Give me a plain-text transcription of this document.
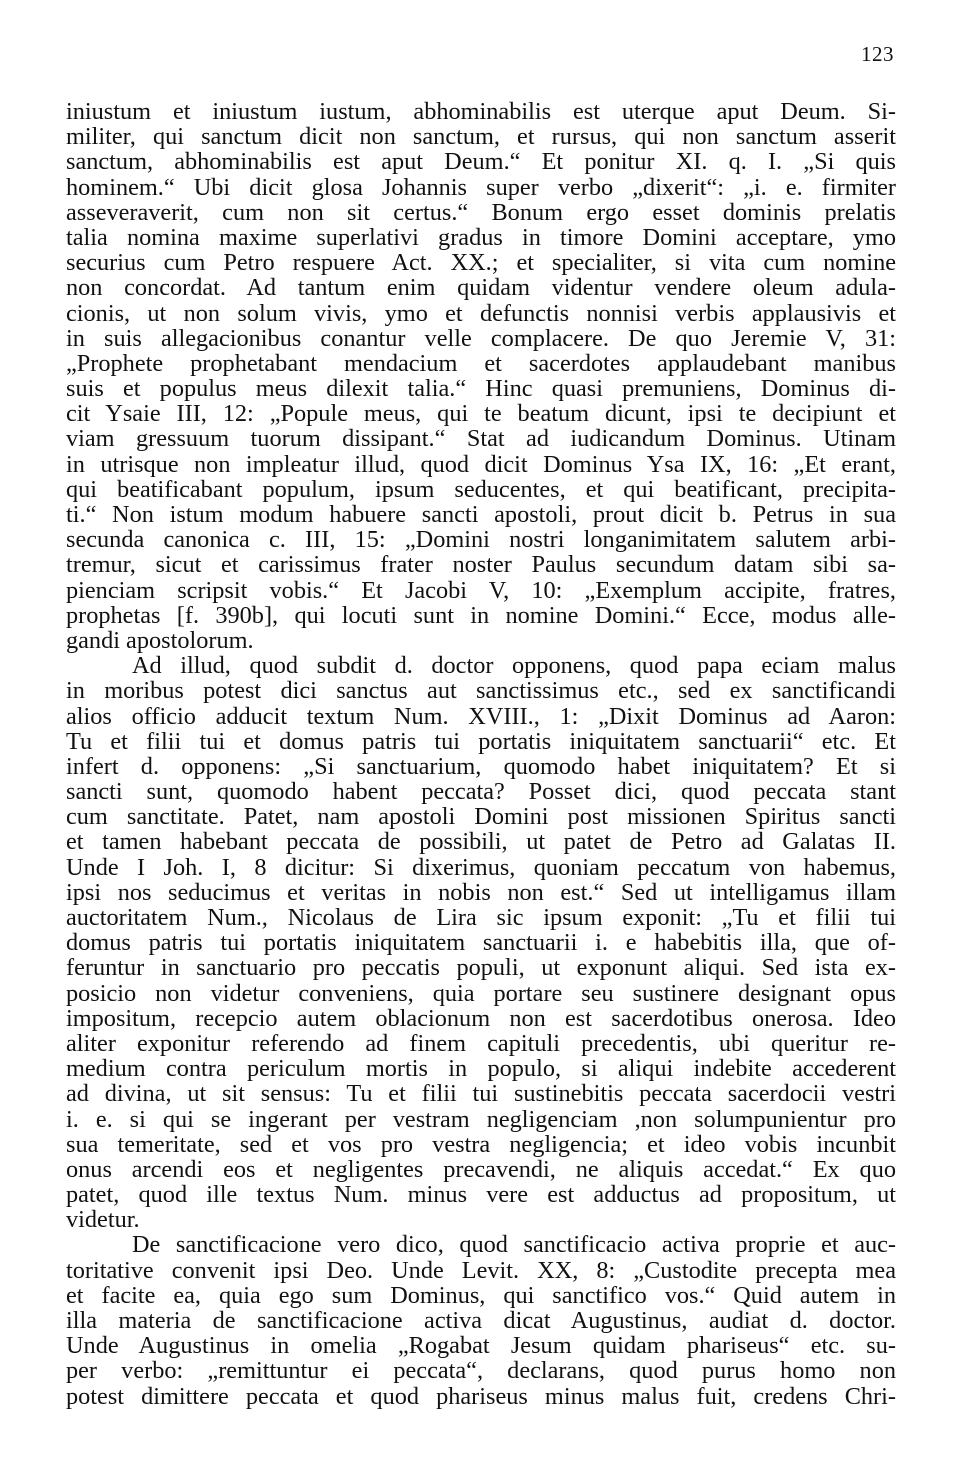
123
iniustum et iniustum iustum, abhominabilis est uterque aput Deum. Si-
militer, qui sanctum dicit non sanctum, et rursus, qui non sanctum asserit
sanctum, abhominabilis est aput Deum.“ Et ponitur XI. q. I. „Si quis
hominem.“ Ubi dicit glosa Johannis super verbo „dixerit“: „i. e. firmiter
asseveraverit, cum non sit certus.“ Bonum ergo esset dominis prelatis
talia nomina maxime superlativi gradus in timore Domini acceptare, ymo
securius cum Petro respuere Act. XX.; et specialiter, si vita cum nomine
non concordat. Ad tantum enim quidam videntur vendere oleum adula-
cionis, ut non solum vivis, ymo et defunctis nonnisi verbis applausivis et
in suis allegacionibus conantur velle complacere. De quo Jeremie V, 31:
„Prophete prophetabant mendacium et sacerdotes applaudebant manibus
suis et populus meus dilexit talia.“ Hinc quasi premuniens, Dominus di-
cit Ysaie III, 12: „Popule meus, qui te beatum dicunt, ipsi te decipiunt et
viam gressuum tuorum dissipant.“ Stat ad iudicandum Dominus. Utinam
in utrisque non impleatur illud, quod dicit Dominus Ysa IX, 16: „Et erant,
qui beatificabant populum, ipsum seducentes, et qui beatificant, precipita-
ti.“ Non istum modum habuere sancti apostoli, prout dicit b. Petrus in sua
secunda canonica c. III, 15: „Domini nostri longanimitatem salutem arbi-
tremur, sicut et carissimus frater noster Paulus secundum datam sibi sa-
pienciam scripsit vobis.“ Et Jacobi V, 10: „Exemplum accipite, fratres,
prophetas [f. 390b], qui locuti sunt in nomine Domini.“ Ecce, modus alle-
gandi apostolorum.
Ad illud, quod subdit d. doctor opponens, quod papa eciam malus
in moribus potest dici sanctus aut sanctissimus etc., sed ex sanctificandi
alios officio adducit textum Num. XVIII., 1: „Dixit Dominus ad Aaron:
Tu et filii tui et domus patris tui portatis iniquitatem sanctuarii“ etc. Et
infert d. opponens: „Si sanctuarium, quomodo habet iniquitatem? Et si
sancti sunt, quomodo habent peccata? Posset dici, quod peccata stant
cum sanctitate. Patet, nam apostoli Domini post missionen Spiritus sancti
et tamen habebant peccata de possibili, ut patet de Petro ad Galatas II.
Unde I Joh. I, 8 dicitur: Si dixerimus, quoniam peccatum von habemus,
ipsi nos seducimus et veritas in nobis non est.“ Sed ut intelligamus illam
auctoritatem Num., Nicolaus de Lira sic ipsum exponit: „Tu et filii tui
domus patris tui portatis iniquitatem sanctuarii i. e habebitis illa, que of-
feruntur in sanctuario pro peccatis populi, ut exponunt aliqui. Sed ista ex-
posicio non videtur conveniens, quia portare seu sustinere designant opus
impositum, recepcio autem oblacionum non est sacerdotibus onerosa. Ideo
aliter exponitur referendo ad finem capituli precedentis, ubi queritur re-
medium contra periculum mortis in populo, si aliqui indebite accederent
ad divina, ut sit sensus: Tu et filii tui sustinebitis peccata sacerdocii vestri
i. e. si qui se ingerant per vestram negligenciam ,non solumpunientur pro
sua temeritate, sed et vos pro vestra negligencia; et ideo vobis incunbit
onus arcendi eos et negligentes precavendi, ne aliquis accedat.“ Ex quo
patet, quod ille textus Num. minus vere est adductus ad propositum, ut
videtur.
De sanctificacione vero dico, quod sanctificacio activa proprie et auc-
toritative convenit ipsi Deo. Unde Levit. XX, 8: „Custodite precepta mea
et facite ea, quia ego sum Dominus, qui sanctifico vos.“ Quid autem in
illa materia de sanctificacione activa dicat Augustinus, audiat d. doctor.
Unde Augustinus in omelia „Rogabat Jesum quidam phariseus“ etc. su-
per verbo: „remittuntur ei peccata“, declarans, quod purus homo non
potest dimittere peccata et quod phariseus minus malus fuit, credens Chri-
